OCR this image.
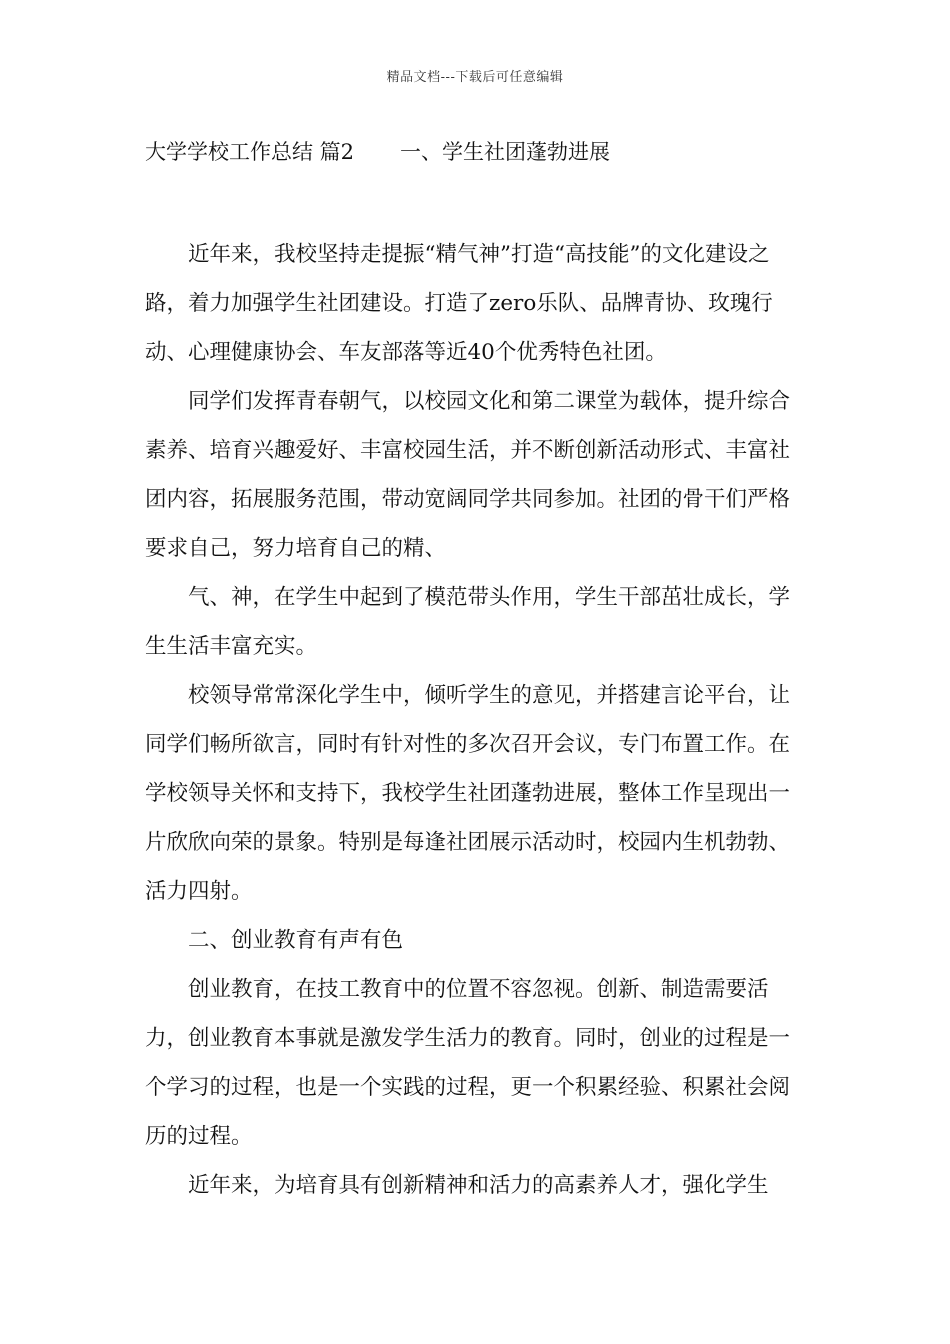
精品文档---下载后可任意编辑
大学学校工作总结 篇2 一、学生社团蓬勃进展

近年来，我校坚持走提振“精气神”打造“高技能”的文化建设之路，着力加强学生社团建设。打造了zero乐队、品牌青协、玫瑰行动、心理健康协会、车友部落等近40个优秀特色社团。

同学们发挥青春朝气，以校园文化和第二课堂为载体，提升综合素养、培育兴趣爱好、丰富校园生活，并不断创新活动形式、丰富社团内容，拓展服务范围，带动宽阔同学共同参加。社团的骨干们严格要求自己，努力培育自己的精、

气、神，在学生中起到了模范带头作用，学生干部茁壮成长，学生生活丰富充实。

校领导常常深化学生中，倾听学生的意见，并搭建言论平台，让同学们畅所欲言，同时有针对性的多次召开会议，专门布置工作。在学校领导关怀和支持下，我校学生社团蓬勃进展，整体工作呈现出一片欣欣向荣的景象。特别是每逢社团展示活动时，校园内生机勃勃、活力四射。

二、创业教育有声有色

创业教育，在技工教育中的位置不容忽视。创新、制造需要活力，创业教育本事就是激发学生活力的教育。同时，创业的过程是一个学习的过程，也是一个实践的过程，更一个积累经验、积累社会阅历的过程。

近年来，为培育具有创新精神和活力的高素养人才，强化学生
